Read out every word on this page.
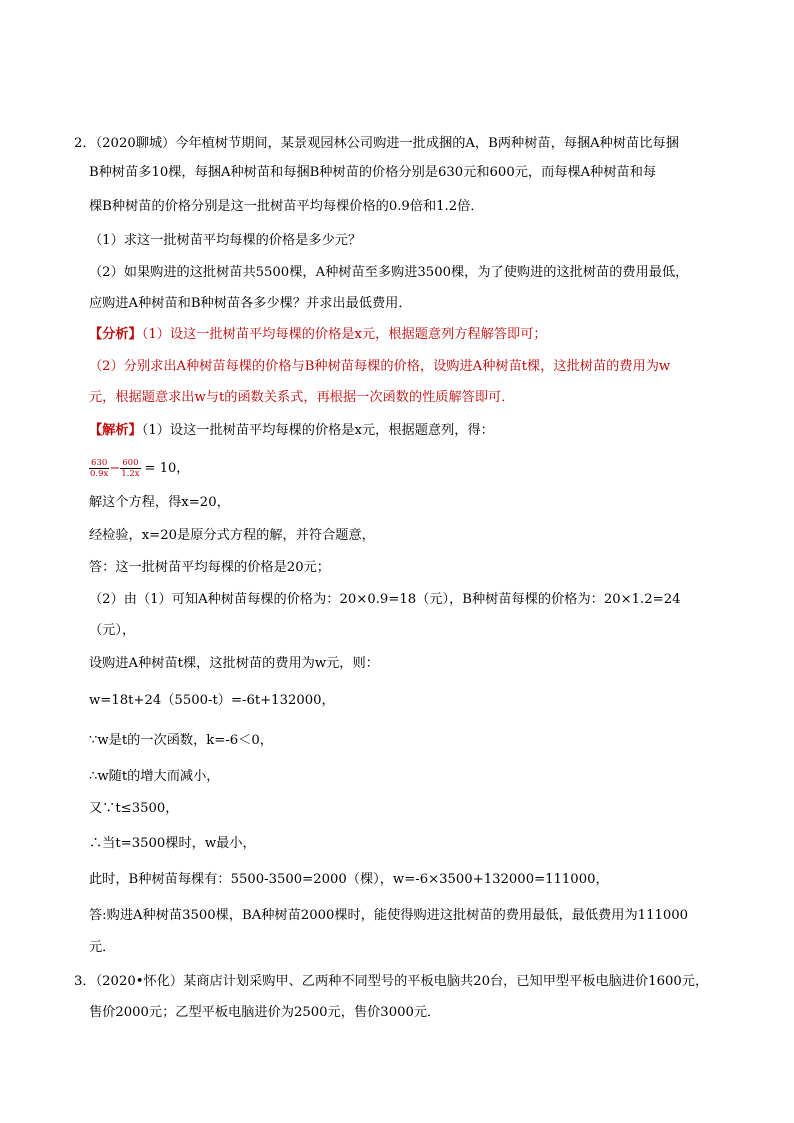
2．（2020聊城）今年植树节期间，某景观园林公司购进一批成捆的A，B两种树苗，每捆A种树苗比每捆
B种树苗多10棵，每捆A种树苗和每捆B种树苗的价格分别是630元和600元，而每棵A种树苗和每
棵B种树苗的价格分别是这一批树苗平均每棵价格的0.9倍和1.2倍．
（1）求这一批树苗平均每棵的价格是多少元？
（2）如果购进的这批树苗共5500棵，A种树苗至多购进3500棵，为了使购进的这批树苗的费用最低，
应购进A种树苗和B种树苗各多少棵？并求出最低费用．
【分析】（1）设这一批树苗平均每棵的价格是x元，根据题意列方程解答即可；
（2）分别求出A种树苗每棵的价格与B种树苗每棵的价格，设购进A种树苗t棵，这批树苗的费用为w
元，根据题意求出w与t的函数关系式，再根据一次函数的性质解答即可．
【解析】（1）设这一批树苗平均每棵的价格是x元，根据题意列，得：
$\frac{630}{0.9x} - \frac{600}{1.2x} = 10$，
解这个方程，得x=20，
经检验，x=20是原分式方程的解，并符合题意，
答：这一批树苗平均每棵的价格是20元；
（2）由（1）可知A种树苗每棵的价格为：20×0.9=18（元），B种树苗每棵的价格为：20×1.2=24
（元），
设购进A种树苗t棵，这批树苗的费用为w元，则：
w=18t+24（5500-t）=-6t+132000，
∵w是t的一次函数，k=-6＜0，
∴w随t的增大而减小，
又∵t≤3500，
∴当t=3500棵时，w最小，
此时，B种树苗每棵有：5500-3500=2000（棵），w=-6×3500+132000=111000，
答:购进A种树苗3500棵，BA种树苗2000棵时，能使得购进这批树苗的费用最低，最低费用为111000
元．
3．（2020•怀化）某商店计划采购甲、乙两种不同型号的平板电脑共20台，已知甲型平板电脑进价1600元，
售价2000元；乙型平板电脑进价为2500元，售价3000元．
